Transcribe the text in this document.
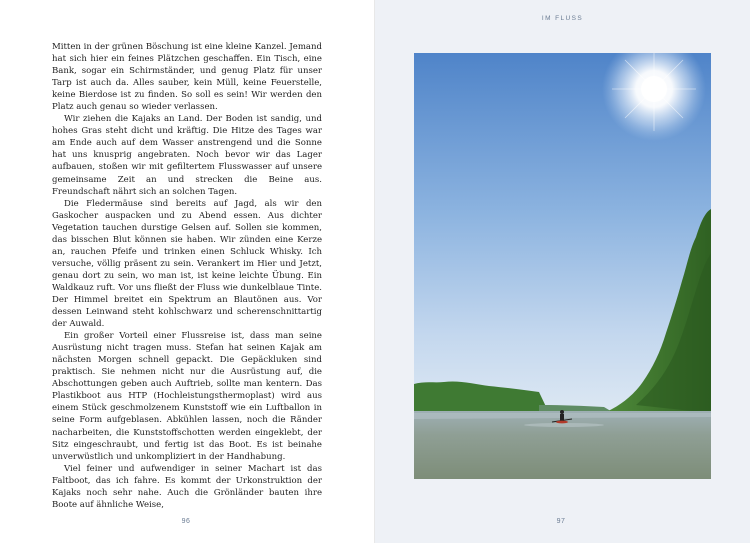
Mitten in der grünen Böschung ist eine kleine Kanzel. Jemand hat sich hier ein feines Plätzchen geschaffen. Ein Tisch, eine Bank, sogar ein Schirmständer, und genug Platz für unser Tarp ist auch da. Alles sauber, kein Müll, keine Feuerstelle, keine Bierdose ist zu finden. So soll es sein! Wir werden den Platz auch genau so wieder verlassen.

Wir ziehen die Kajaks an Land. Der Boden ist sandig, und hohes Gras steht dicht und kräftig. Die Hitze des Tages war am Ende auch auf dem Wasser anstrengend und die Sonne hat uns knusprig angebraten. Noch bevor wir das Lager aufbauen, stoßen wir mit gefiltertem Flusswasser auf unsere gemeinsame Zeit an und strecken die Beine aus. Freundschaft nährt sich an solchen Tagen.

Die Fledermäuse sind bereits auf Jagd, als wir den Gaskocher auspacken und zu Abend essen. Aus dichter Vegetation tauchen durstige Gelsen auf. Sollen sie kommen, das bisschen Blut können sie haben. Wir zünden eine Kerze an, rauchen Pfeife und trinken einen Schluck Whisky. Ich versuche, völlig präsent zu sein. Verankert im Hier und Jetzt, genau dort zu sein, wo man ist, ist keine leichte Übung. Ein Waldkauz ruft. Vor uns fließt der Fluss wie dunkelblaue Tinte. Der Himmel breitet ein Spektrum an Blautönen aus. Vor dessen Leinwand steht kohlschwarz und scherenschnittartig der Auwald.

Ein großer Vorteil einer Flussreise ist, dass man seine Ausrüstung nicht tragen muss. Stefan hat seinen Kajak am nächsten Morgen schnell gepackt. Die Gepäckluken sind praktisch. Sie nehmen nicht nur die Ausrüstung auf, die Abschottungen geben auch Auftrieb, sollte man kentern. Das Plastikboot aus HTP (Hochleistungsthermoplast) wird aus einem Stück geschmolzenem Kunststoff wie ein Luftballon in seine Form aufgeblasen. Abkühlen lassen, noch die Ränder nacharbeiten, die Kunststoffschotten werden eingeklebt, der Sitz eingeschraubt, und fertig ist das Boot. Es ist beinahe unverwüstlich und unkompliziert in der Handhabung.

Viel feiner und aufwendiger in seiner Machart ist das Faltboot, das ich fahre. Es kommt der Urkonstruktion der Kajaks noch sehr nahe. Auch die Grönländer bauten ihre Boote auf ähnliche Weise,

96
IM FLUSS
97
